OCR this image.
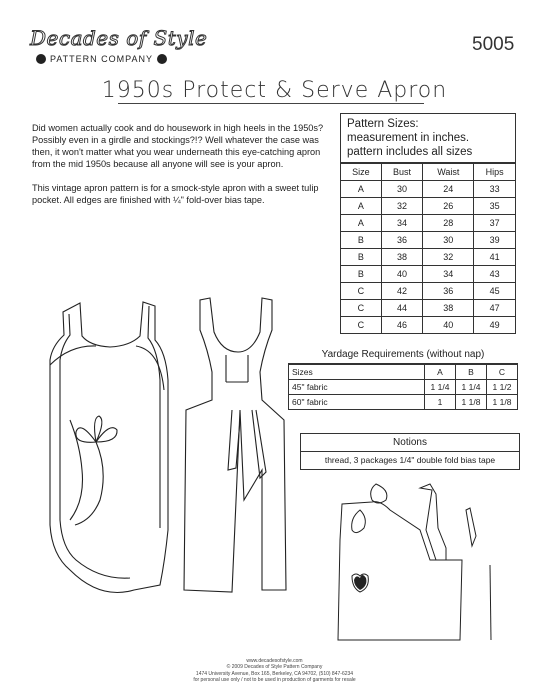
Decades of Style
PATTERN COMPANY
5005
1950s Protect & Serve Apron

Did women actually cook and do housework in high heels in the 1950s? Possibly even in a girdle and stockings?!? Well whatever the case was then, it won't matter what you wear underneath this eye-catching apron from the mid 1950s because all anyone will see is your apron.

This vintage apron pattern is for a smock-style apron with a sweet tulip pocket. All edges are finished with ¼" fold-over bias tape.

Pattern Sizes:
measurement in inches.
pattern includes all sizes
Size	Bust	Waist	Hips
A	30	24	33
A	32	26	35
A	34	28	37
B	36	30	39
B	38	32	41
B	40	34	43
C	42	36	45
C	44	38	47
C	46	40	49
Yardage Requirements (without nap)
Sizes	A	B	C
45" fabric	1 1/4	1 1/4	1 1/2
60" fabric	1	1 1/8	1 1/8
Notions
thread, 3 packages 1/4" double fold bias tape
www.decadesofstyle.com
© 2009 Decades of Style Pattern Company
1474 University Avenue, Box 165, Berkeley, CA 94702, (510) 847-6234
for personal use only / not to be used in production of garments for resale
